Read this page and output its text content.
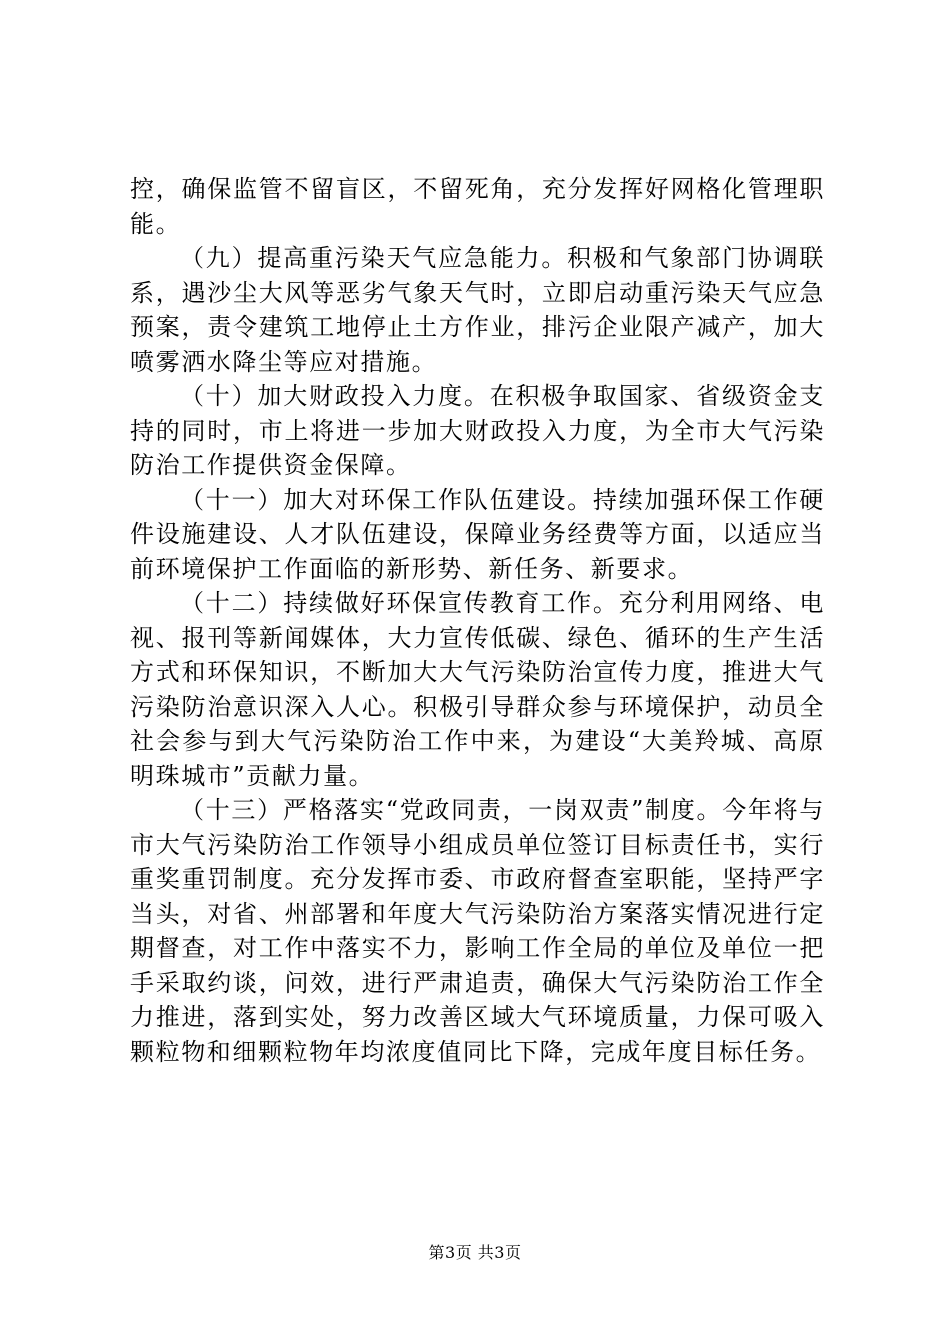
控，确保监管不留盲区，不留死角，充分发挥好网格化管理职能。

（九）提高重污染天气应急能力。积极和气象部门协调联系，遇沙尘大风等恶劣气象天气时，立即启动重污染天气应急预案，责令建筑工地停止土方作业，排污企业限产减产，加大喷雾洒水降尘等应对措施。

（十）加大财政投入力度。在积极争取国家、省级资金支持的同时，市上将进一步加大财政投入力度，为全市大气污染防治工作提供资金保障。

（十一）加大对环保工作队伍建设。持续加强环保工作硬件设施建设、人才队伍建设，保障业务经费等方面，以适应当前环境保护工作面临的新形势、新任务、新要求。

（十二）持续做好环保宣传教育工作。充分利用网络、电视、报刊等新闻媒体，大力宣传低碳、绿色、循环的生产生活方式和环保知识，不断加大大气污染防治宣传力度，推进大气污染防治意识深入人心。积极引导群众参与环境保护，动员全社会参与到大气污染防治工作中来，为建设“大美羚城、高原明珠城市”贡献力量。

（十三）严格落实“党政同责，一岗双责”制度。今年将与市大气污染防治工作领导小组成员单位签订目标责任书，实行重奖重罚制度。充分发挥市委、市政府督查室职能，坚持严字当头，对省、州部署和年度大气污染防治方案落实情况进行定期督查，对工作中落实不力，影响工作全局的单位及单位一把手采取约谈，问效，进行严肃追责，确保大气污染防治工作全力推进，落到实处，努力改善区域大气环境质量，力保可吸入颗粒物和细颗粒物年均浓度值同比下降，完成年度目标任务。

第3页 共3页
